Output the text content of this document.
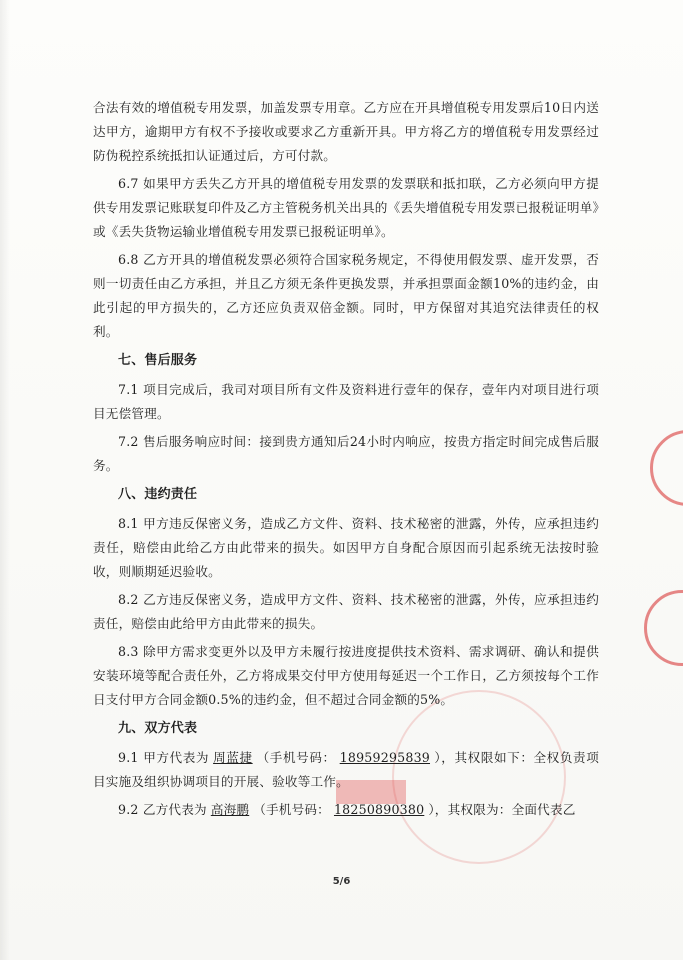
合法有效的增值税专用发票，加盖发票专用章。乙方应在开具增值税专用发票后10日内送达甲方，逾期甲方有权不予接收或要求乙方重新开具。甲方将乙方的增值税专用发票经过防伪税控系统抵扣认证通过后，方可付款。

6.7 如果甲方丢失乙方开具的增值税专用发票的发票联和抵扣联，乙方必须向甲方提供专用发票记账联复印件及乙方主管税务机关出具的《丢失增值税专用发票已报税证明单》或《丢失货物运输业增值税专用发票已报税证明单》。

6.8 乙方开具的增值税发票必须符合国家税务规定，不得使用假发票、虚开发票，否则一切责任由乙方承担，并且乙方须无条件更换发票，并承担票面金额10%的违约金，由此引起的甲方损失的，乙方还应负责双倍金额。同时，甲方保留对其追究法律责任的权利。

七、售后服务

7.1 项目完成后，我司对项目所有文件及资料进行壹年的保存，壹年内对项目进行项目无偿管理。

7.2 售后服务响应时间：接到贵方通知后24小时内响应，按贵方指定时间完成售后服务。

八、违约责任

8.1 甲方违反保密义务，造成乙方文件、资料、技术秘密的泄露，外传，应承担违约责任，赔偿由此给乙方由此带来的损失。如因甲方自身配合原因而引起系统无法按时验收，则顺期延迟验收。

8.2 乙方违反保密义务，造成甲方文件、资料、技术秘密的泄露，外传，应承担违约责任，赔偿由此给甲方由此带来的损失。

8.3 除甲方需求变更外以及甲方未履行按进度提供技术资料、需求调研、确认和提供安装环境等配合责任外，乙方将成果交付甲方使用每延迟一个工作日，乙方须按每个工作日支付甲方合同金额0.5%的违约金，但不超过合同金额的5%。

九、双方代表

9.1 甲方代表为 周蓝捷 （手机号码： 18959295839 ），其权限如下：全权负责项目实施及组织协调项目的开展、验收等工作。

9.2 乙方代表为 高海鹏 （手机号码： 18250890380 ），其权限为：全面代表乙

5/6
